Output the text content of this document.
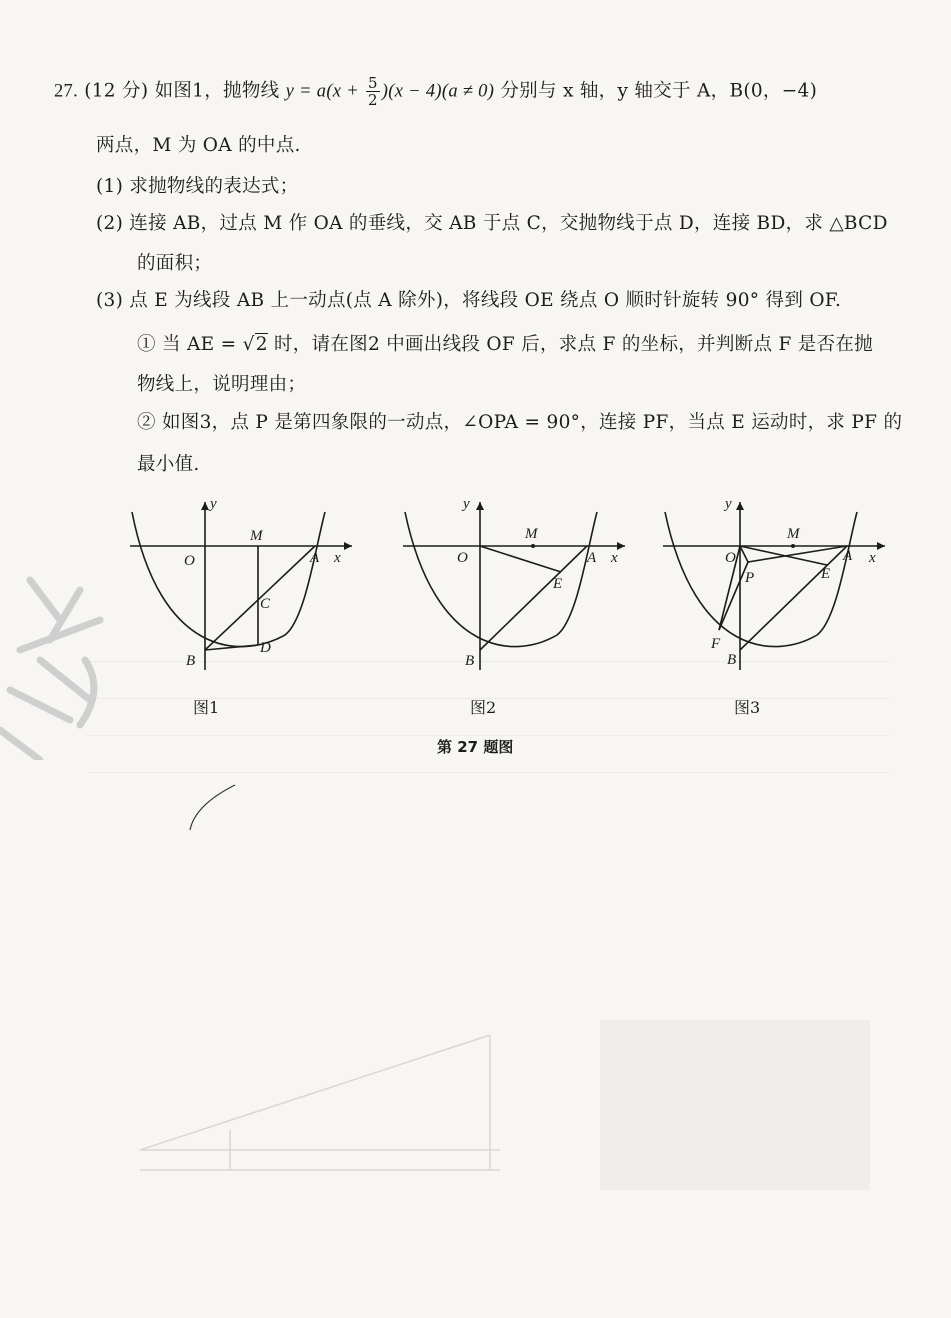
27. (12 分) 如图1，抛物线 $y = a(x + \frac{5}{2} )(x - 4)(a \ne 0)$ 分别与 x 轴，y 轴交于 A，B(0，−4)
两点，M 为 OA 的中点.
(1) 求抛物线的表达式；
(2) 连接 AB，过点 M 作 OA 的垂线，交 AB 于点 C，交抛物线于点 D，连接 BD，求 △BCD
的面积；
(3) 点 E 为线段 AB 上一动点(点 A 除外)，将线段 OE 绕点 O 顺时针旋转 90° 得到 OF.
① 当 AE = √2 时，请在图2 中画出线段 OF 后，求点 F 的坐标，并判断点 F 是否在抛
物线上，说明理由；
② 如图3，点 P 是第四象限的一动点，∠OPA = 90°，连接 PF，当点 E 运动时，求 PF 的
最小值.
y
x
O
M
A
B
C
D
图1
y
x
O
M
A
B
E
图2
y
x
O
M
A
B
E
P
F
图3
第 27 题图
